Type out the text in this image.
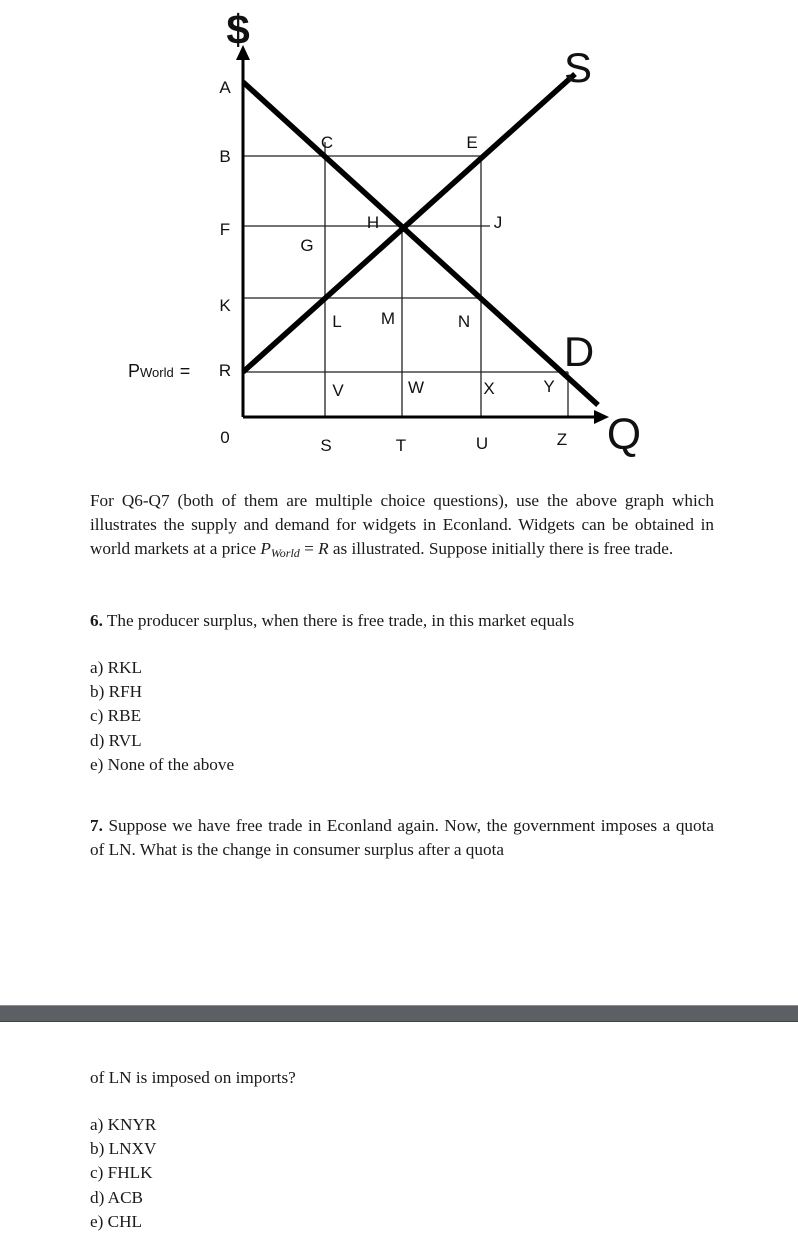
$
Q
S
D
A
B
F
K
R
PWorld =
0	S	T	U	Z
C	E
H	J
G
L M	N
V	W	X	Y
For Q6-Q7 (both of them are multiple choice questions), use the above graph which illustrates the supply and demand for widgets in Econland. Widgets can be obtained in world markets at a price $P_{World} = R$ as illustrated. Suppose initially there is free trade.
6. The producer surplus, when there is free trade, in this market equals
a) RKL
b) RFH
c) RBE
d) RVL
e) None of the above
7. Suppose we have free trade in Econland again. Now, the government imposes a quota of LN. What is the change in consumer surplus after a quota
of LN is imposed on imports?
a) KNYR
b) LNXV
c) FHLK
d) ACB
e) CHL
